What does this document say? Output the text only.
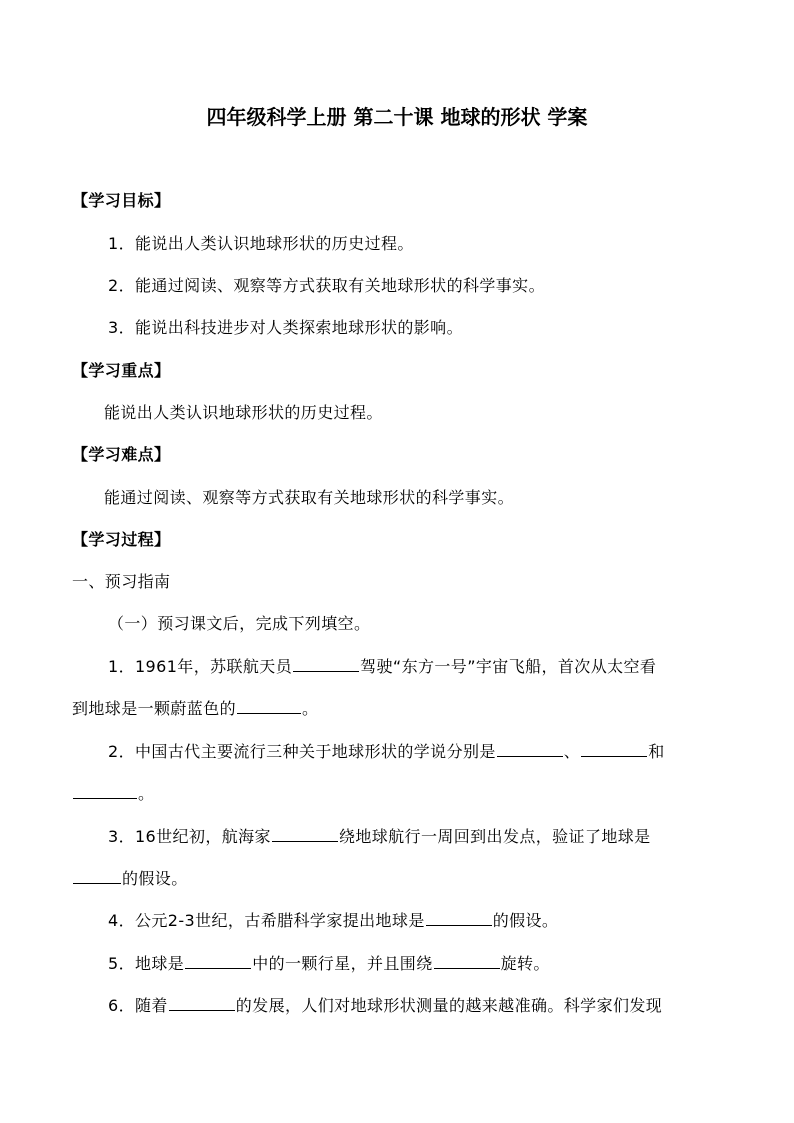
四年级科学上册 第二十课 地球的形状 学案
【学习目标】
1．能说出人类认识地球形状的历史过程。
2．能通过阅读、观察等方式获取有关地球形状的科学事实。
3．能说出科技进步对人类探索地球形状的影响。
【学习重点】
能说出人类认识地球形状的历史过程。
【学习难点】
能通过阅读、观察等方式获取有关地球形状的科学事实。
【学习过程】
一、预习指南
（一）预习课文后，完成下列填空。
1．1961年，苏联航天员	驾驶“东方一号”宇宙飞船，首次从太空看
到地球是一颗蔚蓝色的	。
2．中国古代主要流行三种关于地球形状的学说分别是	、	和
。
3．16世纪初，航海家	绕地球航行一周回到出发点，验证了地球是
的假设。
4．公元2-3世纪，古希腊科学家提出地球是	的假设。
5．地球是	中的一颗行星，并且围绕	旋转。
6．随着	的发展，人们对地球形状测量的越来越准确。科学家们发现
